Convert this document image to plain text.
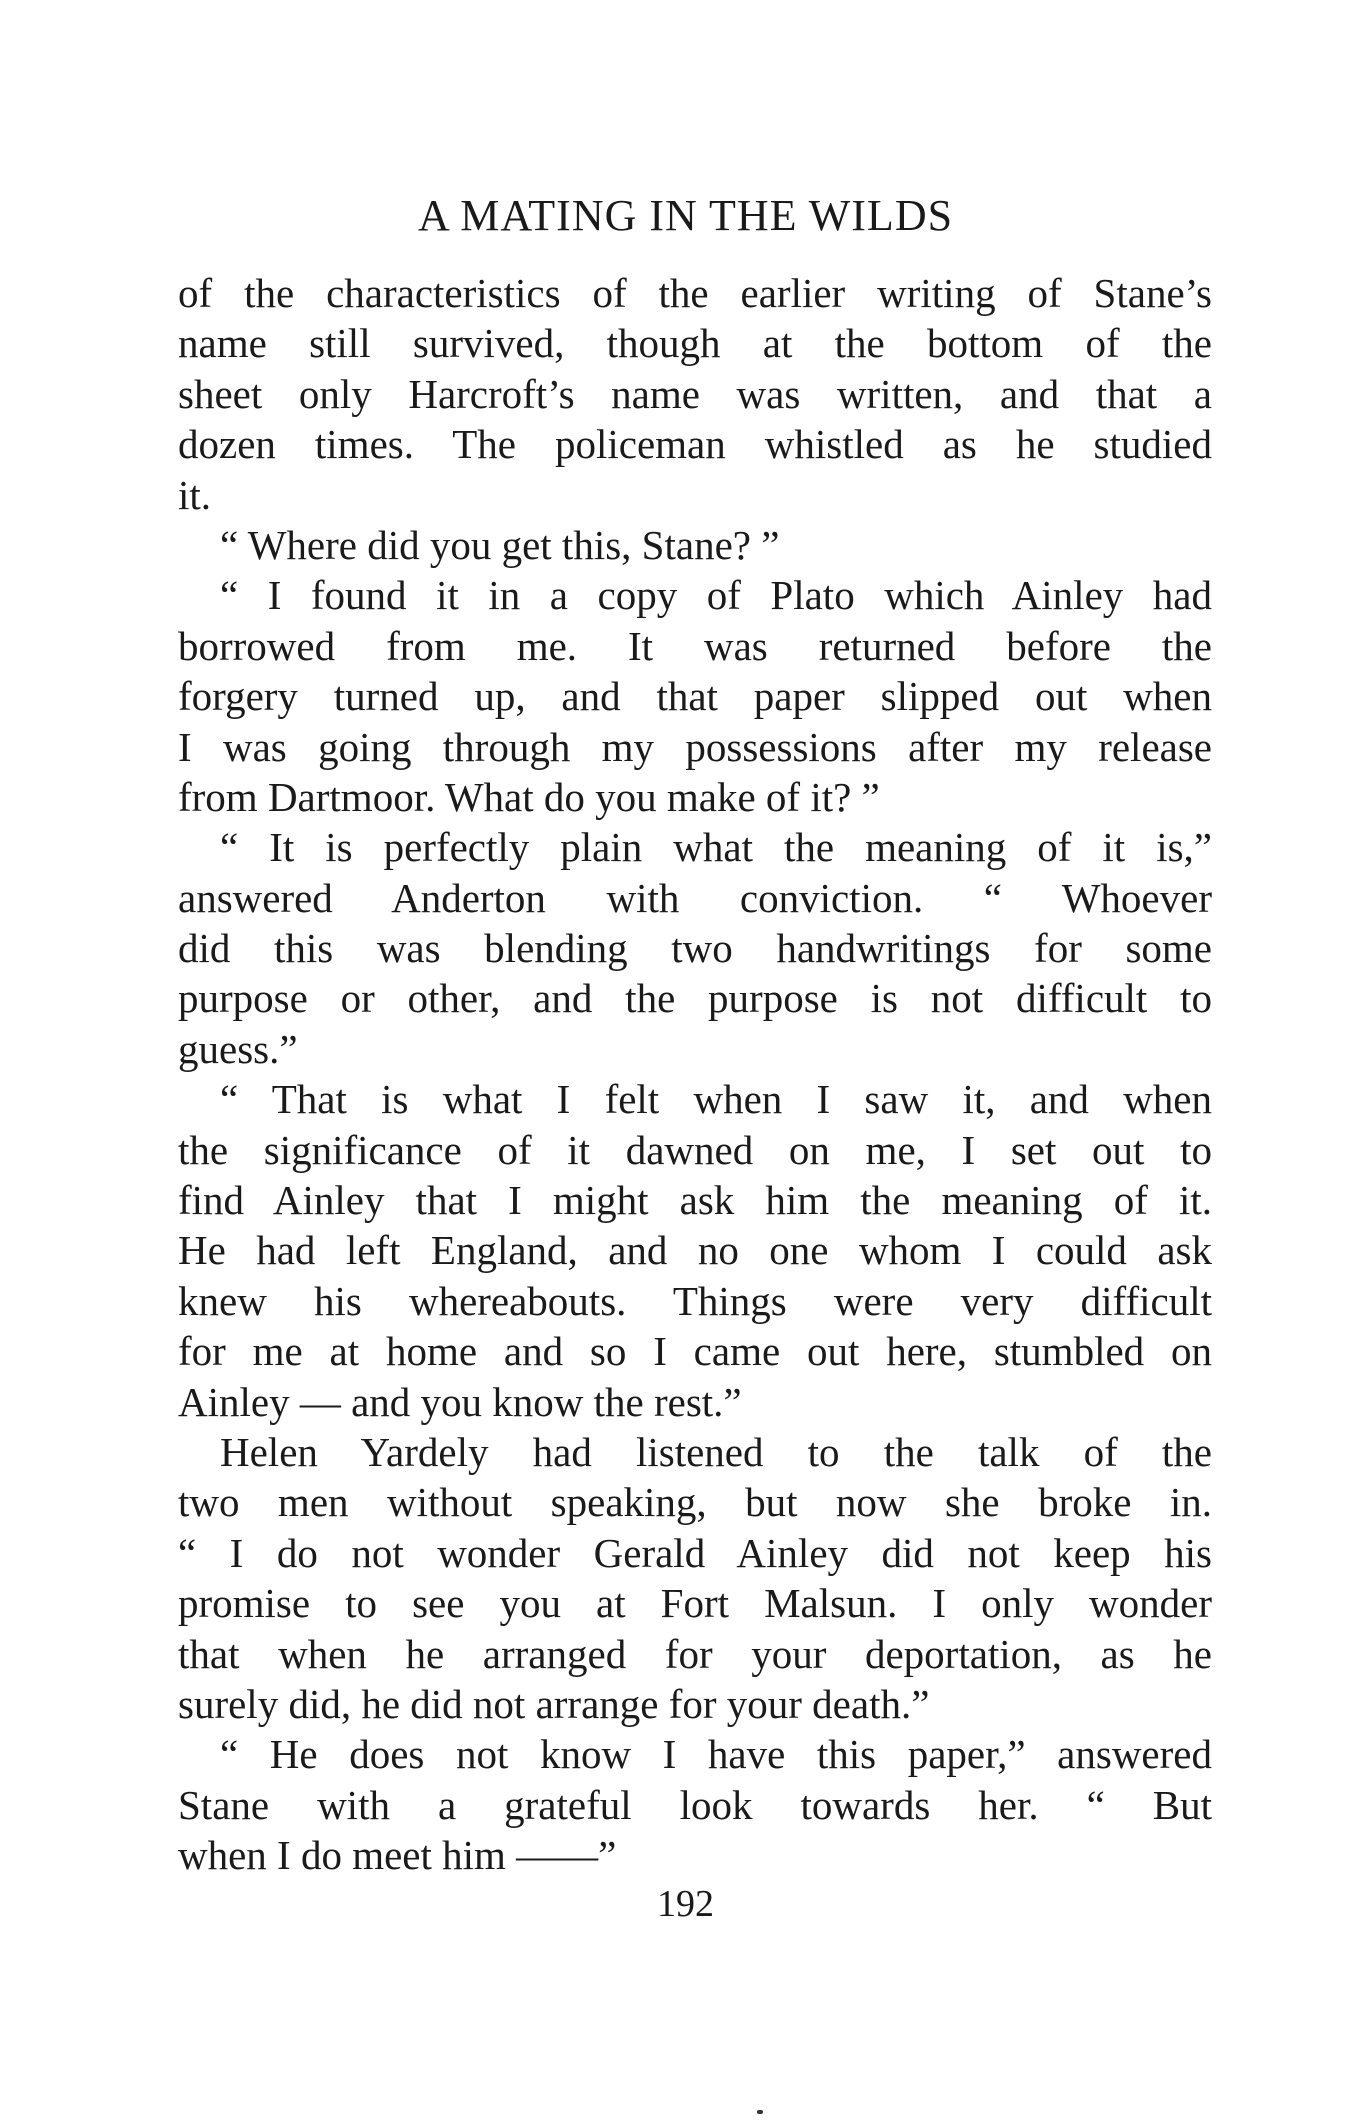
A MATING IN THE WILDS
of the characteristics of the earlier writing of Stane’s
name still survived, though at the bottom of the
sheet only Harcroft’s name was written, and that a
dozen times. The policeman whistled as he studied
it.
“ Where did you get this, Stane? ”
“ I found it in a copy of Plato which Ainley had
borrowed from me. It was returned before the
forgery turned up, and that paper slipped out when
I was going through my possessions after my release
from Dartmoor. What do you make of it? ”
“ It is perfectly plain what the meaning of it is,”
answered Anderton with conviction. “ Whoever
did this was blending two handwritings for some
purpose or other, and the purpose is not difficult to
guess.”
“ That is what I felt when I saw it, and when
the significance of it dawned on me, I set out to
find Ainley that I might ask him the meaning of it.
He had left England, and no one whom I could ask
knew his whereabouts. Things were very difficult
for me at home and so I came out here, stumbled on
Ainley — and you know the rest.”
Helen Yardely had listened to the talk of the
two men without speaking, but now she broke in.
“ I do not wonder Gerald Ainley did not keep his
promise to see you at Fort Malsun. I only wonder
that when he arranged for your deportation, as he
surely did, he did not arrange for your death.”
“ He does not know I have this paper,” answered
Stane with a grateful look towards her. “ But
when I do meet him ——”
192
